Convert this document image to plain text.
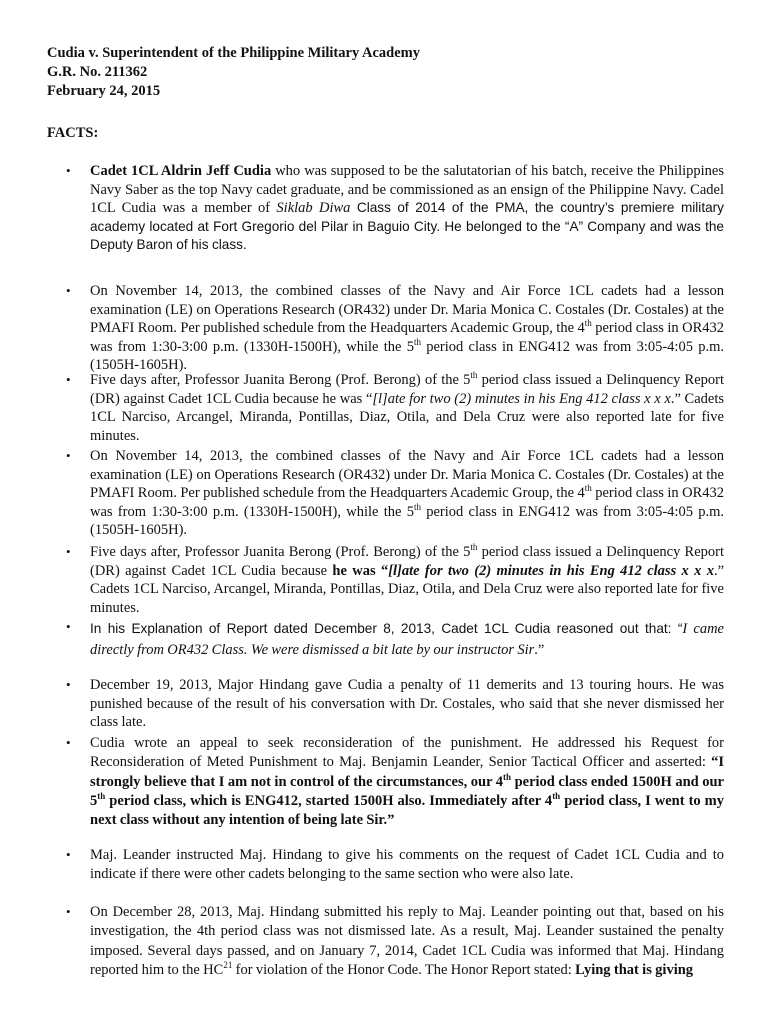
Cudia v. Superintendent of the Philippine Military Academy
G.R. No. 211362
February 24, 2015
FACTS:
• Cadet 1CL Aldrin Jeff Cudia who was supposed to be the salutatorian of his batch, receive the Philippines Navy Saber as the top Navy cadet graduate, and be commissioned as an ensign of the Philippine Navy. Cadel 1CL Cudia was a member of Siklab Diwa Class of 2014 of the PMA, the country’s premiere military academy located at Fort Gregorio del Pilar in Baguio City. He belonged to the “A” Company and was the Deputy Baron of his class.
• On November 14, 2013, the combined classes of the Navy and Air Force 1CL cadets had a lesson examination (LE) on Operations Research (OR432) under Dr. Maria Monica C. Costales (Dr. Costales) at the PMAFI Room. Per published schedule from the Headquarters Academic Group, the 4th period class in OR432 was from 1:30-3:00 p.m. (1330H-1500H), while the 5th period class in ENG412 was from 3:05-4:05 p.m. (1505H-1605H).
• Five days after, Professor Juanita Berong (Prof. Berong) of the 5th period class issued a Delinquency Report (DR) against Cadet 1CL Cudia because he was “[l]ate for two (2) minutes in his Eng 412 class x x x.” Cadets 1CL Narciso, Arcangel, Miranda, Pontillas, Diaz, Otila, and Dela Cruz were also reported late for five minutes.
• On November 14, 2013, the combined classes of the Navy and Air Force 1CL cadets had a lesson examination (LE) on Operations Research (OR432) under Dr. Maria Monica C. Costales (Dr. Costales) at the PMAFI Room. Per published schedule from the Headquarters Academic Group, the 4th period class in OR432 was from 1:30-3:00 p.m. (1330H-1500H), while the 5th period class in ENG412 was from 3:05-4:05 p.m. (1505H-1605H).
• Five days after, Professor Juanita Berong (Prof. Berong) of the 5th period class issued a Delinquency Report (DR) against Cadet 1CL Cudia because he was “[l]ate for two (2) minutes in his Eng 412 class x x x.” Cadets 1CL Narciso, Arcangel, Miranda, Pontillas, Diaz, Otila, and Dela Cruz were also reported late for five minutes.
• In his Explanation of Report dated December 8, 2013, Cadet 1CL Cudia reasoned out that: “I came directly from OR432 Class. We were dismissed a bit late by our instructor Sir.”
• December 19, 2013, Major Hindang gave Cudia a penalty of 11 demerits and 13 touring hours. He was punished because of the result of his conversation with Dr. Costales, who said that she never dismissed her class late.
• Cudia wrote an appeal to seek reconsideration of the punishment. He addressed his Request for Reconsideration of Meted Punishment to Maj. Benjamin Leander, Senior Tactical Officer and asserted: “I strongly believe that I am not in control of the circumstances, our 4th period class ended 1500H and our 5th period class, which is ENG412, started 1500H also. Immediately after 4th period class, I went to my next class without any intention of being late Sir.”
• Maj. Leander instructed Maj. Hindang to give his comments on the request of Cadet 1CL Cudia and to indicate if there were other cadets belonging to the same section who were also late.
• On December 28, 2013, Maj. Hindang submitted his reply to Maj. Leander pointing out that, based on his investigation, the 4th period class was not dismissed late. As a result, Maj. Leander sustained the penalty imposed. Several days passed, and on January 7, 2014, Cadet 1CL Cudia was informed that Maj. Hindang reported him to the HC$^{21}$ for violation of the Honor Code. The Honor Report stated: Lying that is giving
